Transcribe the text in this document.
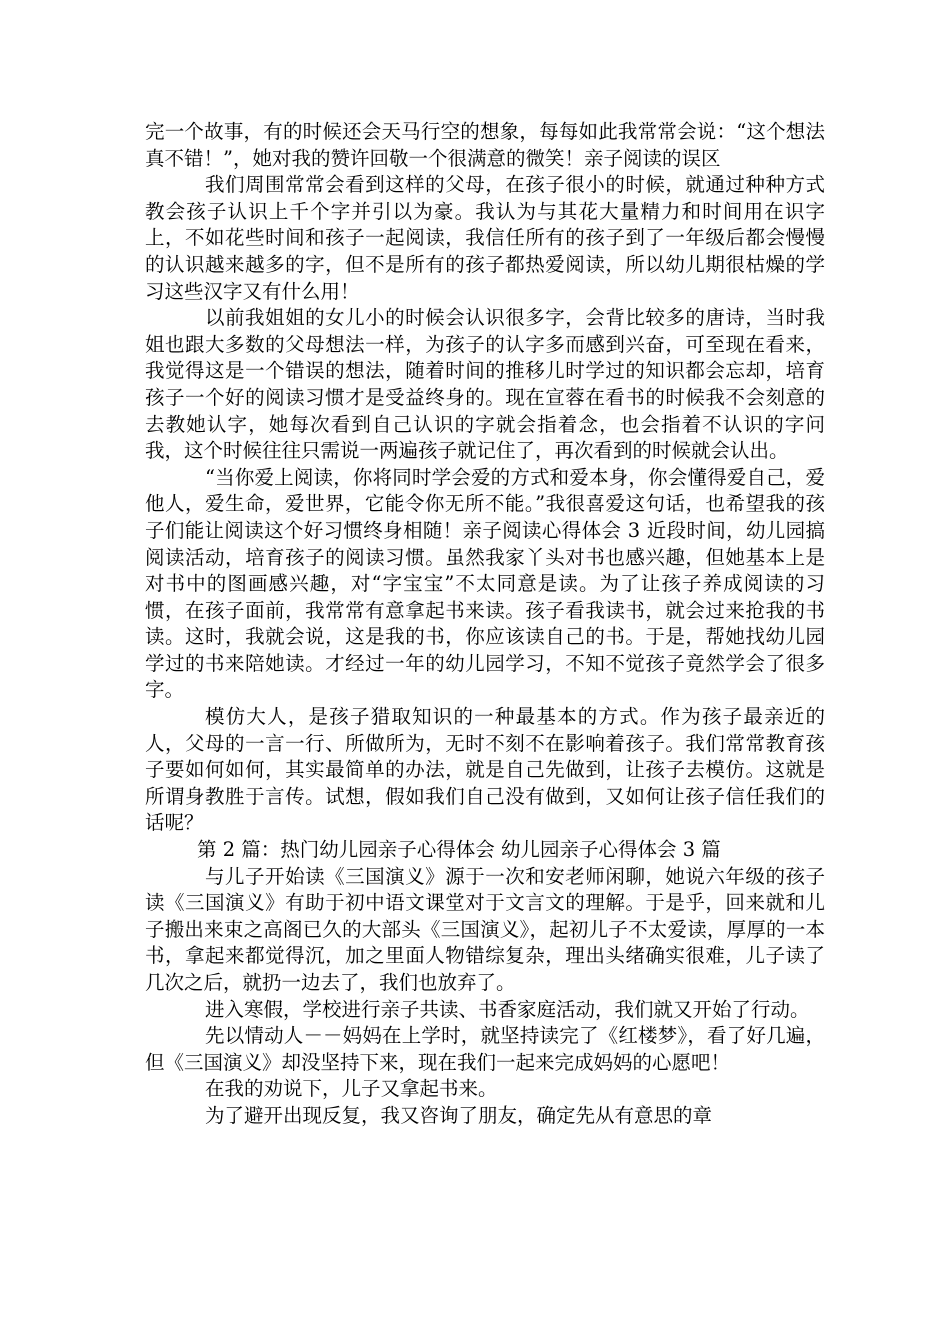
完一个故事，有的时候还会天马行空的想象，每每如此我常常会说：“这个想法真不错！”，她对我的赞许回敬一个很满意的微笑！亲子阅读的误区

我们周围常常会看到这样的父母，在孩子很小的时候，就通过种种方式教会孩子认识上千个字并引以为豪。我认为与其花大量精力和时间用在识字上，不如花些时间和孩子一起阅读，我信任所有的孩子到了一年级后都会慢慢的认识越来越多的字，但不是所有的孩子都热爱阅读，所以幼儿期很枯燥的学习这些汉字又有什么用！

以前我姐姐的女儿小的时候会认识很多字，会背比较多的唐诗，当时我姐也跟大多数的父母想法一样，为孩子的认字多而感到兴奋，可至现在看来，我觉得这是一个错误的想法，随着时间的推移儿时学过的知识都会忘却，培育孩子一个好的阅读习惯才是受益终身的。现在宣蓉在看书的时候我不会刻意的去教她认字，她每次看到自己认识的字就会指着念，也会指着不认识的字问我，这个时候往往只需说一两遍孩子就记住了，再次看到的时候就会认出。

“当你爱上阅读，你将同时学会爱的方式和爱本身，你会懂得爱自己，爱他人，爱生命，爱世界，它能令你无所不能。”我很喜爱这句话，也希望我的孩子们能让阅读这个好习惯终身相随！亲子阅读心得体会 3 近段时间，幼儿园搞阅读活动，培育孩子的阅读习惯。虽然我家丫头对书也感兴趣，但她基本上是对书中的图画感兴趣，对“字宝宝”不太同意是读。为了让孩子养成阅读的习惯，在孩子面前，我常常有意拿起书来读。孩子看我读书，就会过来抢我的书读。这时，我就会说，这是我的书，你应该读自己的书。于是，帮她找幼儿园学过的书来陪她读。才经过一年的幼儿园学习，不知不觉孩子竟然学会了很多字。

模仿大人，是孩子猎取知识的一种最基本的方式。作为孩子最亲近的人，父母的一言一行、所做所为，无时不刻不在影响着孩子。我们常常教育孩子要如何如何，其实最简单的办法，就是自己先做到，让孩子去模仿。这就是所谓身教胜于言传。试想，假如我们自己没有做到，又如何让孩子信任我们的话呢？

第 2 篇：热门幼儿园亲子心得体会 幼儿园亲子心得体会 3 篇

与儿子开始读《三国演义》源于一次和安老师闲聊，她说六年级的孩子读《三国演义》有助于初中语文课堂对于文言文的理解。于是乎，回来就和儿子搬出来束之高阁已久的大部头《三国演义》，起初儿子不太爱读，厚厚的一本书，拿起来都觉得沉，加之里面人物错综复杂，理出头绪确实很难，儿子读了几次之后，就扔一边去了，我们也放弃了。

进入寒假，学校进行亲子共读、书香家庭活动，我们就又开始了行动。

先以情动人－－妈妈在上学时，就坚持读完了《红楼梦》，看了好几遍，但《三国演义》却没坚持下来，现在我们一起来完成妈妈的心愿吧！

在我的劝说下，儿子又拿起书来。

为了避开出现反复，我又咨询了朋友，确定先从有意思的章
